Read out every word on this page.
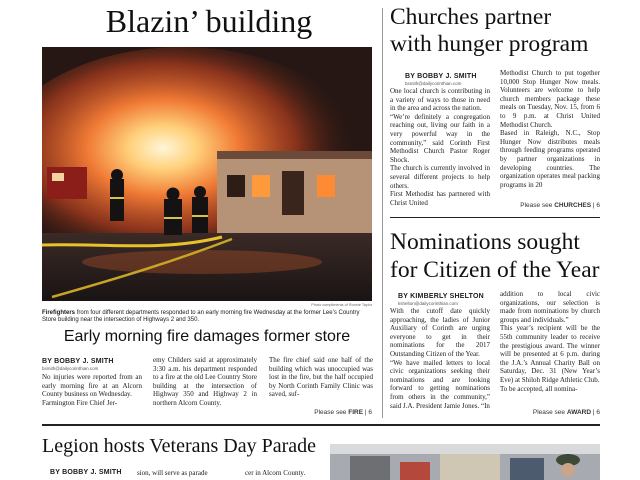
Blazin’ building
Photo compliments of Ronnie Taylor
Firefighters from four different departments responded to an early morning fire Wednesday at the former Lee’s Country Store building near the intersection of Highways 2 and 350.
Early morning fire damages former store
BY BOBBY J. SMITH
bsmith@dailycorinthian.com
No injuries were reported from an early morning fire at an Alcorn County business on Wednesday.
Farmington Fire Chief Jer-
emy Childers said at approximately 3:30 a.m. his department responded to a fire at the old Lee Country Store building at the intersection of Highway 350 and Highway 2 in northern Alcorn County.
The fire chief said one half of the building which was unoccupied was lost in the fire, but the half occupied by North Corinth Family Clinic was saved, suf-
Please see FIRE | 6
Churches partner
with hunger program
BY BOBBY J. SMITH
bsmith@dailycorinthian.com
One local church is contributing in a variety of ways to those in need in the area and across the nation.
“We’re definitely a congregation reaching out, living our faith in a very powerful way in the community,” said Corinth First Methodist Church Pastor Roger Shock.
The church is currently involved in several different projects to help others.
First Methodist has partnered with Christ United
Methodist Church to put together 10,000 Stop Hunger Now meals. Volunteers are welcome to help church members package these meals on Tuesday, Nov. 15, from 6 to 9 p.m. at Christ United Methodist Church.
Based in Raleigh, N.C., Stop Hunger Now distributes meals through feeding programs operated by partner organizations in developing countries. The organization operates meal packing programs in 20
Please see CHURCHES | 6
Nominations sought
for Citizen of the Year
BY KIMBERLY SHELTON
kshelton@dailycorinthian.com
With the cutoff date quickly approaching, the ladies of Junior Auxiliary of Corinth are urging everyone to get in their nominations for the 2017 Outstanding Citizen of the Year.
“We have mailed letters to local civic organizations seeking their nominations and are looking forward to getting nominations from others in the community,” said J.A. President Jamie Jones. “In
addition to local civic organizations, our selection is made from nominations by church groups and individuals.”
This year’s recipient will be the 55th community leader to receive the prestigious award. The winner will be presented at 6 p.m. during the J.A.’s Annual Charity Ball on Saturday, Dec. 31 (New Year’s Eve) at Shiloh Ridge Athletic Club.
To be accepted, all nomina-
Please see AWARD | 6
Legion hosts Veterans Day Parade
BY BOBBY J. SMITH sion, will serve as parade	cer in Alcorn County.
